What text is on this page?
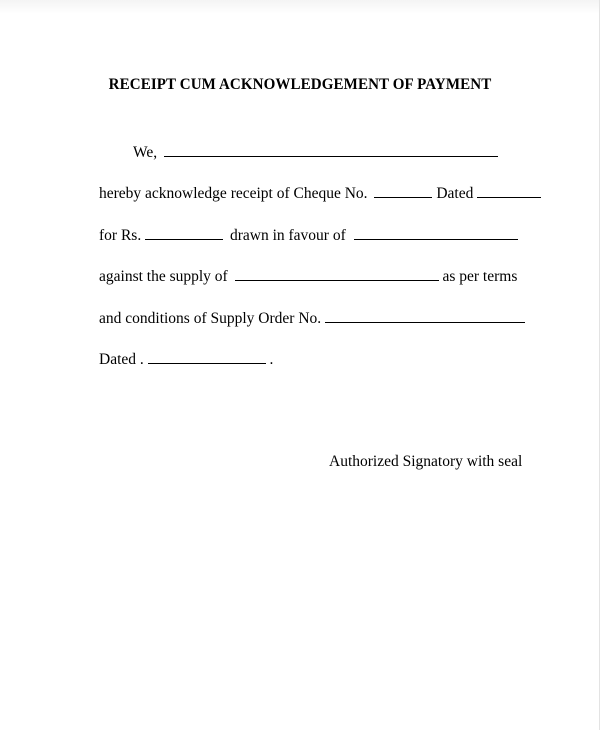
RECEIPT CUM ACKNOWLEDGEMENT OF PAYMENT
We,
hereby acknowledge receipt of Cheque No.	Dated
for Rs.	drawn in favour of
against the supply of	as per terms
and conditions of Supply Order No.
Dated .	.
Authorized Signatory with seal
